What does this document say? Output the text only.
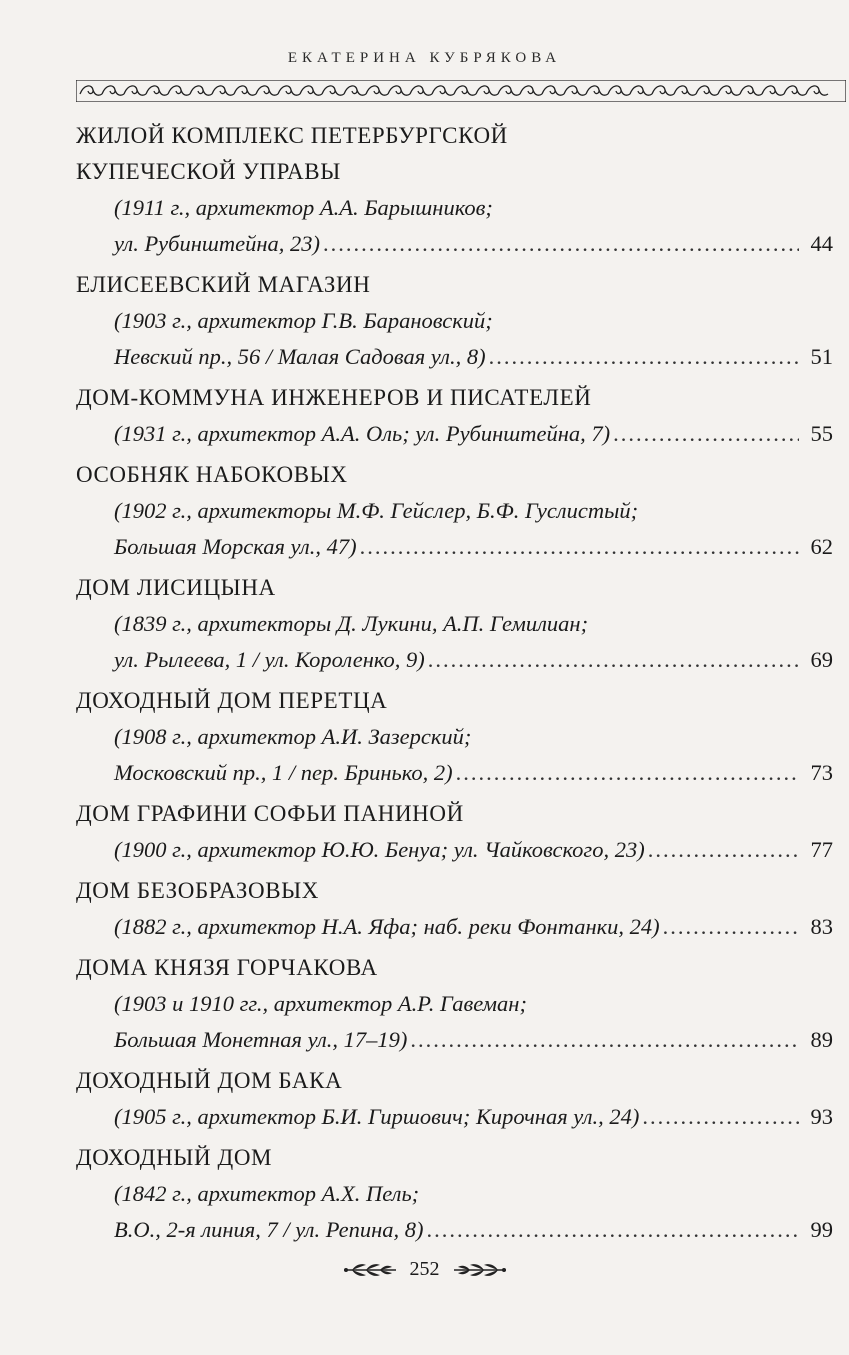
ЕКАТЕРИНА КУБРЯКОВА
ЖИЛОЙ КОМПЛЕКС ПЕТЕРБУРГСКОЙ
КУПЕЧЕСКОЙ УПРАВЫ
(1911 г., архитектор А.А. Барышников;
ул. Рубинштейна, 23) .....	44
ЕЛИСЕЕВСКИЙ МАГАЗИН
(1903 г., архитектор Г.В. Барановский;
Невский пр., 56 / Малая Садовая ул., 8) .....	51
ДОМ-КОММУНА ИНЖЕНЕРОВ И ПИСАТЕЛЕЙ
(1931 г., архитектор А.А. Оль; ул. Рубинштейна, 7) .....	55
ОСОБНЯК НАБОКОВЫХ
(1902 г., архитекторы М.Ф. Гейслер, Б.Ф. Гуслистый;
Большая Морская ул., 47) .....	62
ДОМ ЛИСИЦЫНА
(1839 г., архитекторы Д. Лукини, А.П. Гемилиан;
ул. Рылеева, 1 / ул. Короленко, 9) .....	69
ДОХОДНЫЙ ДОМ ПЕРЕТЦА
(1908 г., архитектор А.И. Зазерский;
Московский пр., 1 / пер. Бринько, 2) .....	73
ДОМ ГРАФИНИ СОФЬИ ПАНИНОЙ
(1900 г., архитектор Ю.Ю. Бенуа; ул. Чайковского, 23) .....	77
ДОМ БЕЗОБРАЗОВЫХ
(1882 г., архитектор Н.А. Яфа; наб. реки Фонтанки, 24) .....	83
ДОМА КНЯЗЯ ГОРЧАКОВА
(1903 и 1910 гг., архитектор А.Р. Гавеман;
Большая Монетная ул., 17–19) .....	89
ДОХОДНЫЙ ДОМ БАКА
(1905 г., архитектор Б.И. Гиршович; Кирочная ул., 24) .....	93
ДОХОДНЫЙ ДОМ
(1842 г., архитектор А.Х. Пель;
В.О., 2-я линия, 7 / ул. Репина, 8) .....	99
252
